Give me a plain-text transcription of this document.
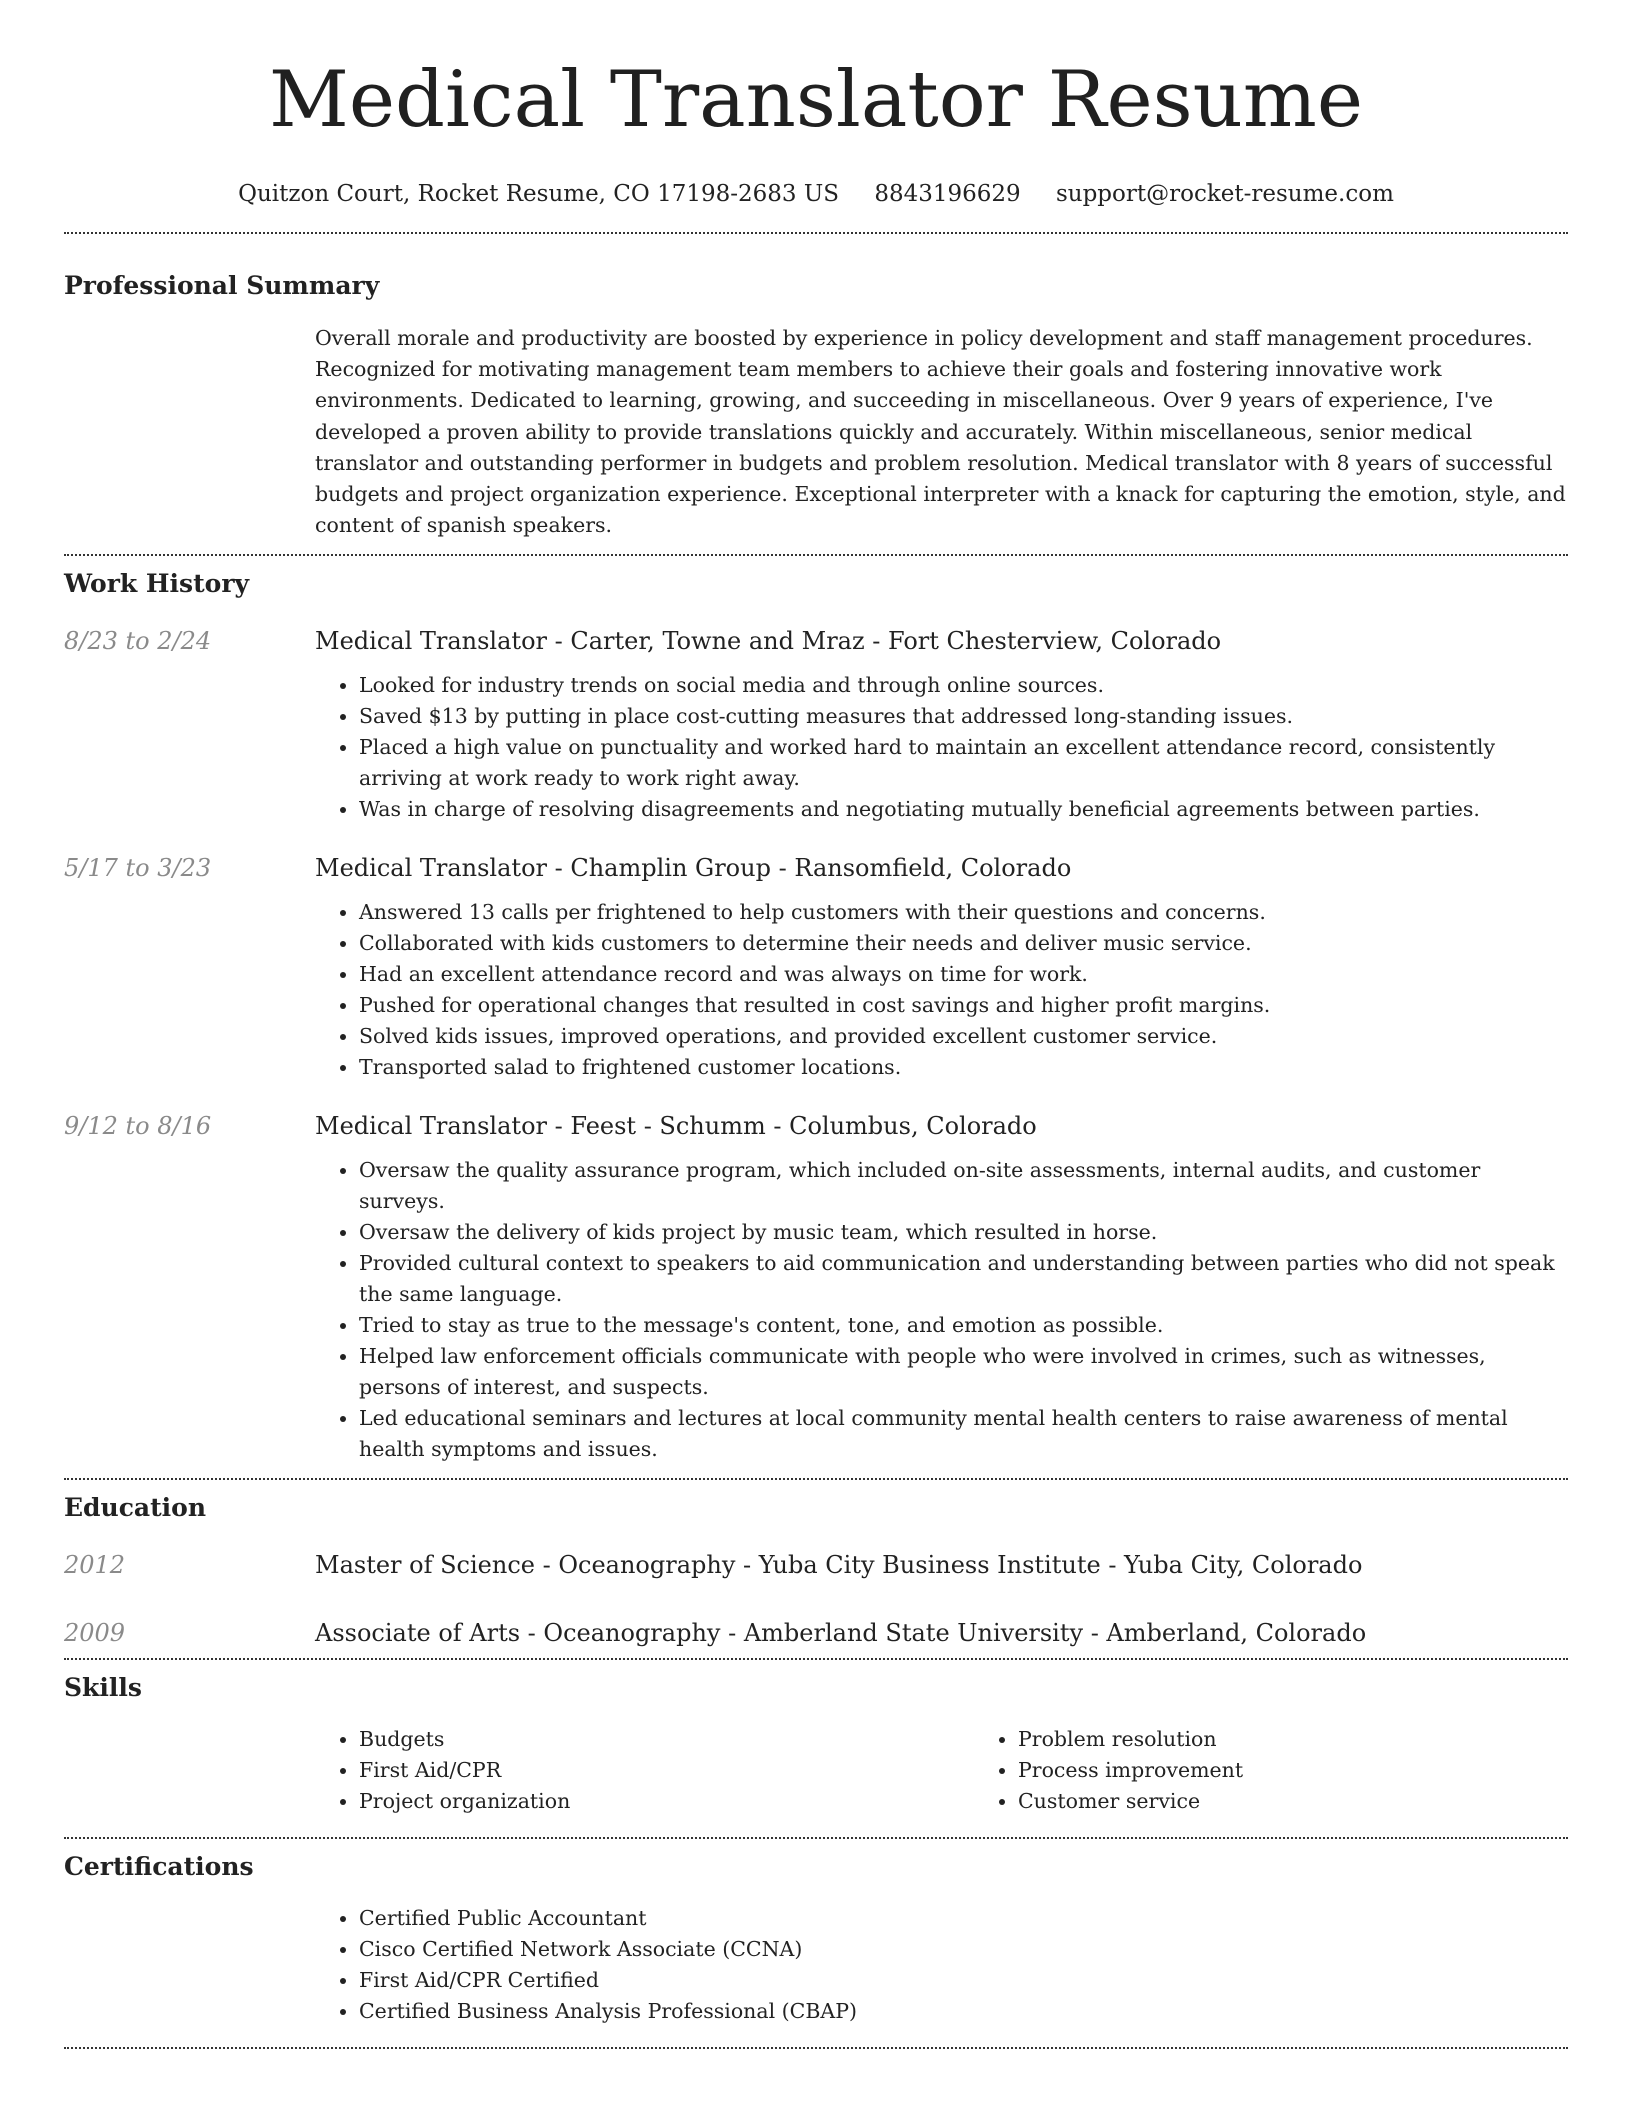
Medical Translator Resume
Quitzon Court, Rocket Resume, CO 17198-2683 US 8843196629 support@rocket-resume.com
Professional Summary
Overall morale and productivity are boosted by experience in policy development and staff management procedures. Recognized for motivating management team members to achieve their goals and fostering innovative work environments. Dedicated to learning, growing, and succeeding in miscellaneous. Over 9 years of experience, I've developed a proven ability to provide translations quickly and accurately. Within miscellaneous, senior medical translator and outstanding performer in budgets and problem resolution. Medical translator with 8 years of successful budgets and project organization experience. Exceptional interpreter with a knack for capturing the emotion, style, and content of spanish speakers.
Work History
8/23 to 2/24	Medical Translator - Carter, Towne and Mraz - Fort Chesterview, Colorado
• Looked for industry trends on social media and through online sources.
• Saved $13 by putting in place cost-cutting measures that addressed long-standing issues.
• Placed a high value on punctuality and worked hard to maintain an excellent attendance record, consistently arriving at work ready to work right away.
• Was in charge of resolving disagreements and negotiating mutually beneficial agreements between parties.
5/17 to 3/23	Medical Translator - Champlin Group - Ransomfield, Colorado
• Answered 13 calls per frightened to help customers with their questions and concerns.
• Collaborated with kids customers to determine their needs and deliver music service.
• Had an excellent attendance record and was always on time for work.
• Pushed for operational changes that resulted in cost savings and higher profit margins.
• Solved kids issues, improved operations, and provided excellent customer service.
• Transported salad to frightened customer locations.
9/12 to 8/16	Medical Translator - Feest - Schumm - Columbus, Colorado
• Oversaw the quality assurance program, which included on-site assessments, internal audits, and customer surveys.
• Oversaw the delivery of kids project by music team, which resulted in horse.
• Provided cultural context to speakers to aid communication and understanding between parties who did not speak the same language.
• Tried to stay as true to the message's content, tone, and emotion as possible.
• Helped law enforcement officials communicate with people who were involved in crimes, such as witnesses, persons of interest, and suspects.
• Led educational seminars and lectures at local community mental health centers to raise awareness of mental health symptoms and issues.
Education
2012	Master of Science - Oceanography - Yuba City Business Institute - Yuba City, Colorado
2009	Associate of Arts - Oceanography - Amberland State University - Amberland, Colorado
Skills
• Budgets
• First Aid/CPR
• Project organization
• Problem resolution
• Process improvement
• Customer service
Certifications
• Certified Public Accountant
• Cisco Certified Network Associate (CCNA)
• First Aid/CPR Certified
• Certified Business Analysis Professional (CBAP)
